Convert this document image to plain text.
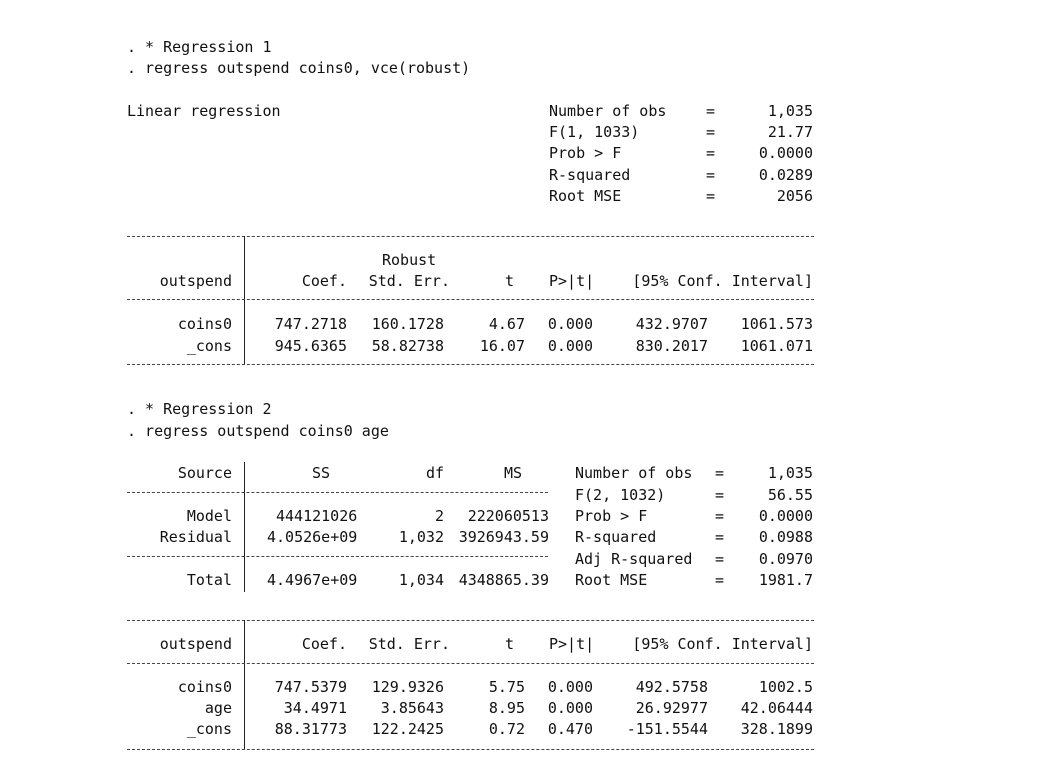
. * Regression 1
. regress outspend coins0, vce(robust)
Linear regression	Number of obs	=	1,035
F(1, 1033)	=	21.77
Prob > F	=	0.0000
R-squared	=	0.0289
Root MSE	=	2056
Robust
outspend	Coef. Std. Err.	t P>|t|	[95% Conf. Interval]
coins0	747.2718 160.1728	4.67 0.000	432.9707 1061.573
_cons	945.6365 58.82738 16.07 0.000	830.2017 1061.071
. * Regression 2
. regress outspend coins0 age
Source	SS	df	MS
Model	444121026	2 222060513
Residual 4.0526e+09	1,032 3926943.59
Total 4.4967e+09	1,034 4348865.39
Number of obs =	1,035
F(2, 1032)	=	56.55
Prob > F	= 0.0000
R-squared	= 0.0988
Adj R-squared = 0.0970
Root MSE	= 1981.7
outspend	Coef. Std. Err.	t P>|t|	[95% Conf. Interval]
coins0	747.5379 129.9326	5.75 0.000	492.5758	1002.5
age	34.4971 3.85643	8.95 0.000	26.92977 42.06444
_cons	88.31773 122.2425	0.72 0.470 -151.5544 328.1899
